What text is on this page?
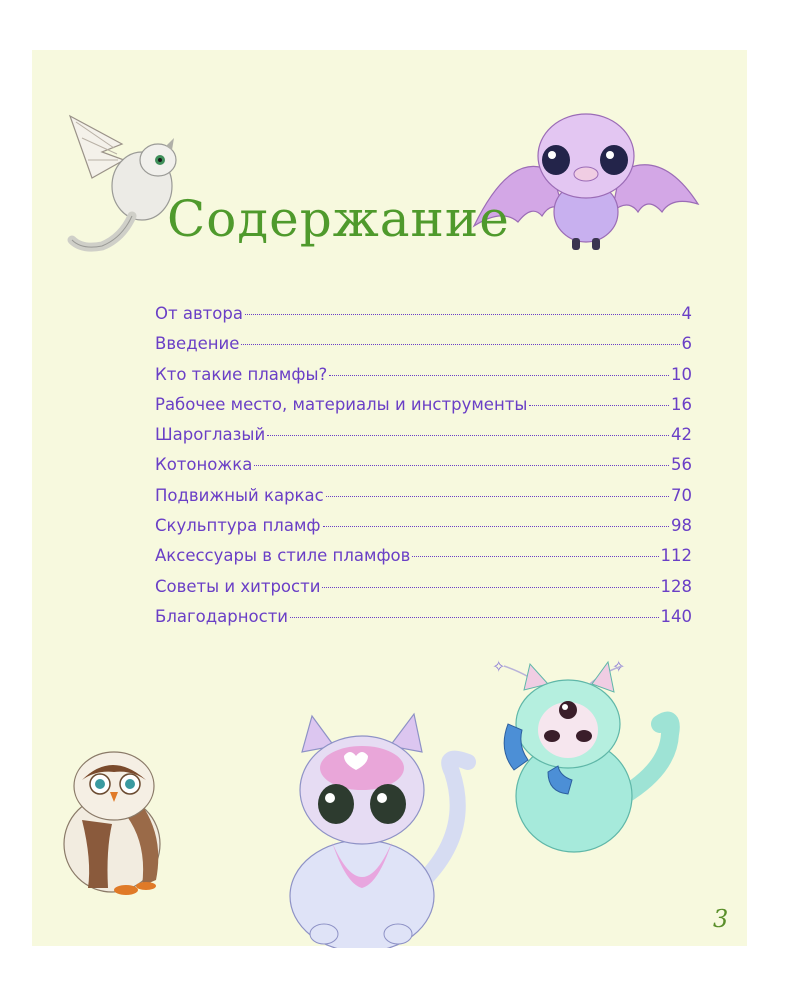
Содержание
От автора	4
Введение	6
Кто такие пламфы?	10
Рабочее место, материалы и инструменты	16
Шароглазый	42
Котоножка	56
Подвижный каркас	70
Скульптура пламф	98
Аксессуары в стиле пламфов	112
Советы и хитрости	128
Благодарности	140
✧	✧
3
